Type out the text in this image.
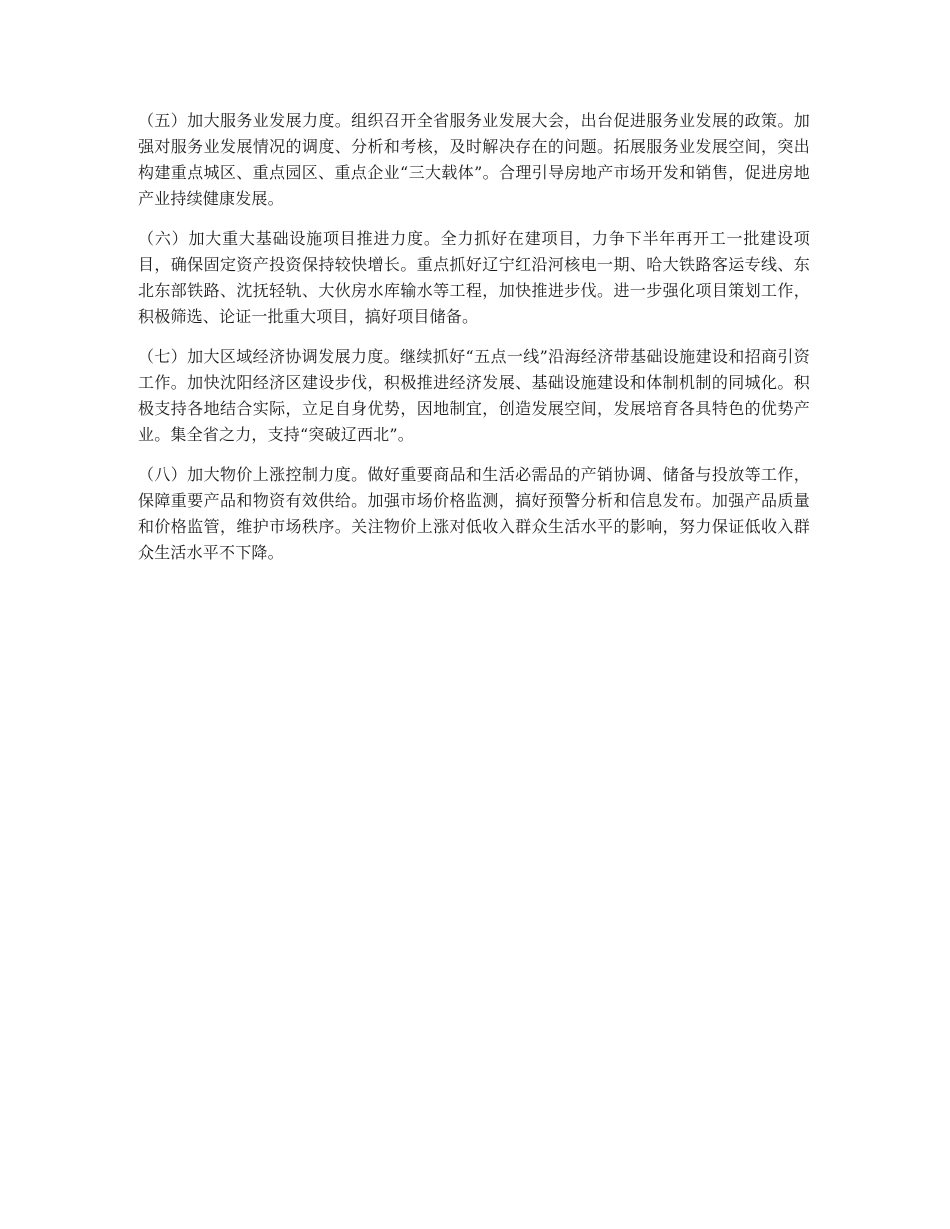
（五）加大服务业发展力度。组织召开全省服务业发展大会，出台促进服务业发展的政策。加强对服务业发展情况的调度、分析和考核，及时解决存在的问题。拓展服务业发展空间，突出构建重点城区、重点园区、重点企业“三大载体”。合理引导房地产市场开发和销售，促进房地产业持续健康发展。

（六）加大重大基础设施项目推进力度。全力抓好在建项目，力争下半年再开工一批建设项目，确保固定资产投资保持较快增长。重点抓好辽宁红沿河核电一期、哈大铁路客运专线、东北东部铁路、沈抚轻轨、大伙房水库输水等工程，加快推进步伐。进一步强化项目策划工作，积极筛选、论证一批重大项目，搞好项目储备。

（七）加大区域经济协调发展力度。继续抓好“五点一线”沿海经济带基础设施建设和招商引资工作。加快沈阳经济区建设步伐，积极推进经济发展、基础设施建设和体制机制的同城化。积极支持各地结合实际，立足自身优势，因地制宜，创造发展空间，发展培育各具特色的优势产业。集全省之力，支持“突破辽西北”。

（八）加大物价上涨控制力度。做好重要商品和生活必需品的产销协调、储备与投放等工作，保障重要产品和物资有效供给。加强市场价格监测，搞好预警分析和信息发布。加强产品质量和价格监管，维护市场秩序。关注物价上涨对低收入群众生活水平的影响，努力保证低收入群众生活水平不下降。
